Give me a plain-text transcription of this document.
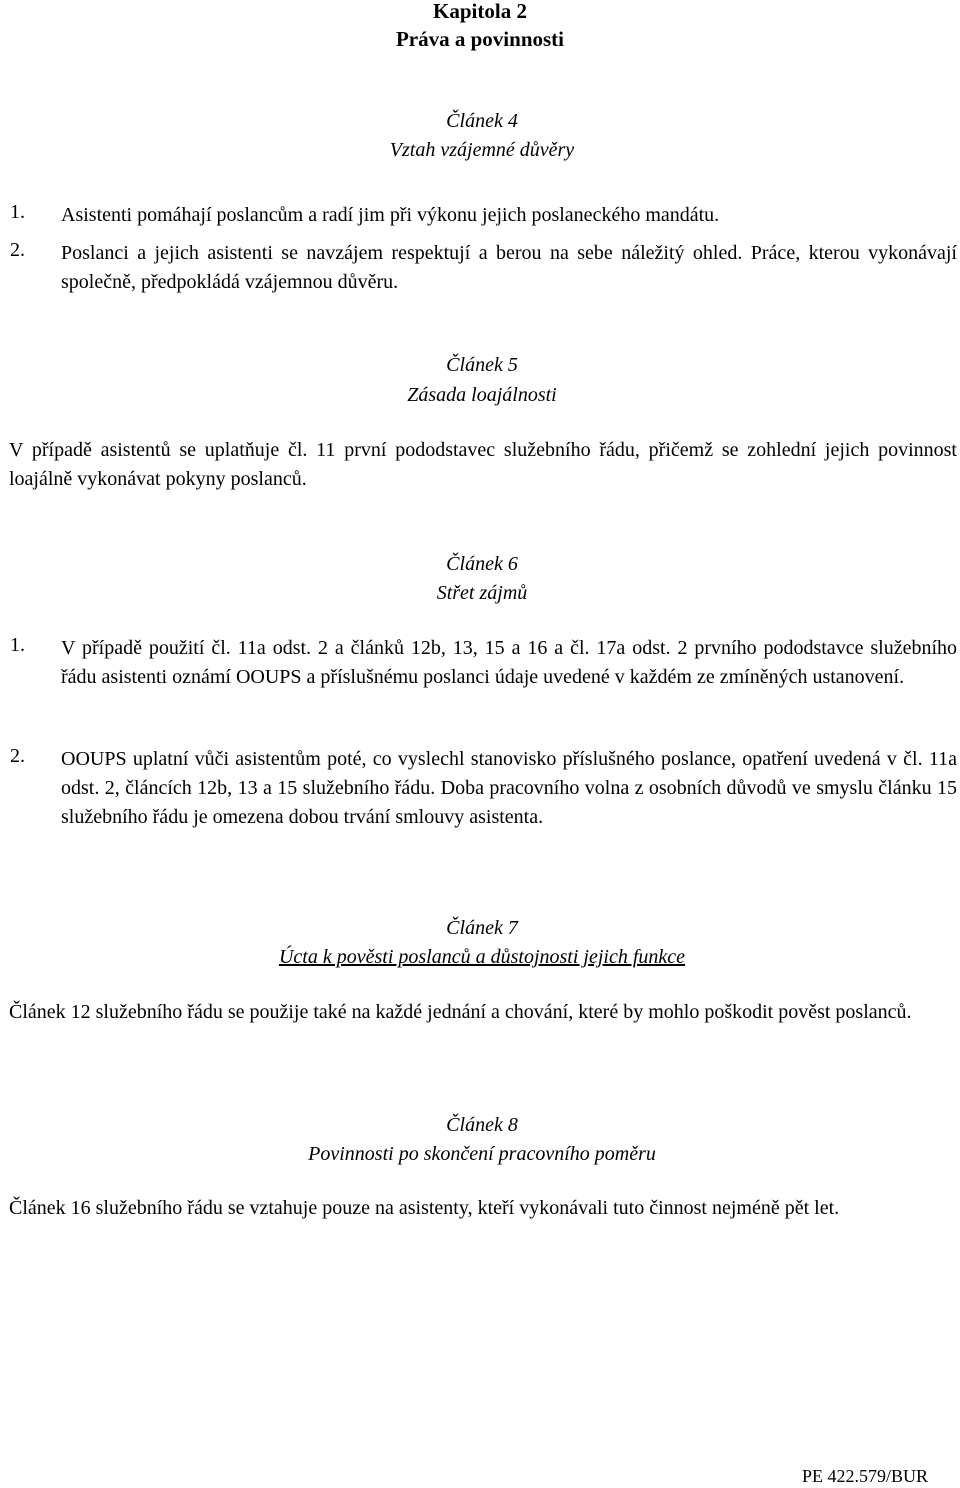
Kapitola 2
Práva a povinnosti
Článek 4
Vztah vzájemné důvěry
1. Asistenti pomáhají poslancům a radí jim při výkonu jejich poslaneckého mandátu.
2. Poslanci a jejich asistenti se navzájem respektují a berou na sebe náležitý ohled. Práce, kterou vykonávají společně, předpokládá vzájemnou důvěru.
Článek 5
Zásada loajálnosti
V případě asistentů se uplatňuje čl. 11 první pododstavec služebního řádu, přičemž se zohlední jejich povinnost loajálně vykonávat pokyny poslanců.
Článek 6
Střet zájmů
1. V případě použití čl. 11a odst. 2 a článků 12b, 13, 15 a 16 a čl. 17a odst. 2 prvního pododstavce služebního řádu asistenti oznámí OOUPS a příslušnému poslanci údaje uvedené v každém ze zmíněných ustanovení.
2. OOUPS uplatní vůči asistentům poté, co vyslechl stanovisko příslušného poslance, opatření uvedená v čl. 11a odst. 2, článcích 12b, 13 a 15 služebního řádu. Doba pracovního volna z osobních důvodů ve smyslu článku 15 služebního řádu je omezena dobou trvání smlouvy asistenta.
Článek 7
Úcta k pověsti poslanců a důstojnosti jejich funkce
Článek 12 služebního řádu se použije také na každé jednání a chování, které by mohlo poškodit pověst poslanců.
Článek 8
Povinnosti po skončení pracovního poměru
Článek 16 služebního řádu se vztahuje pouze na asistenty, kteří vykonávali tuto činnost nejméně pět let.
PE 422.579/BUR
